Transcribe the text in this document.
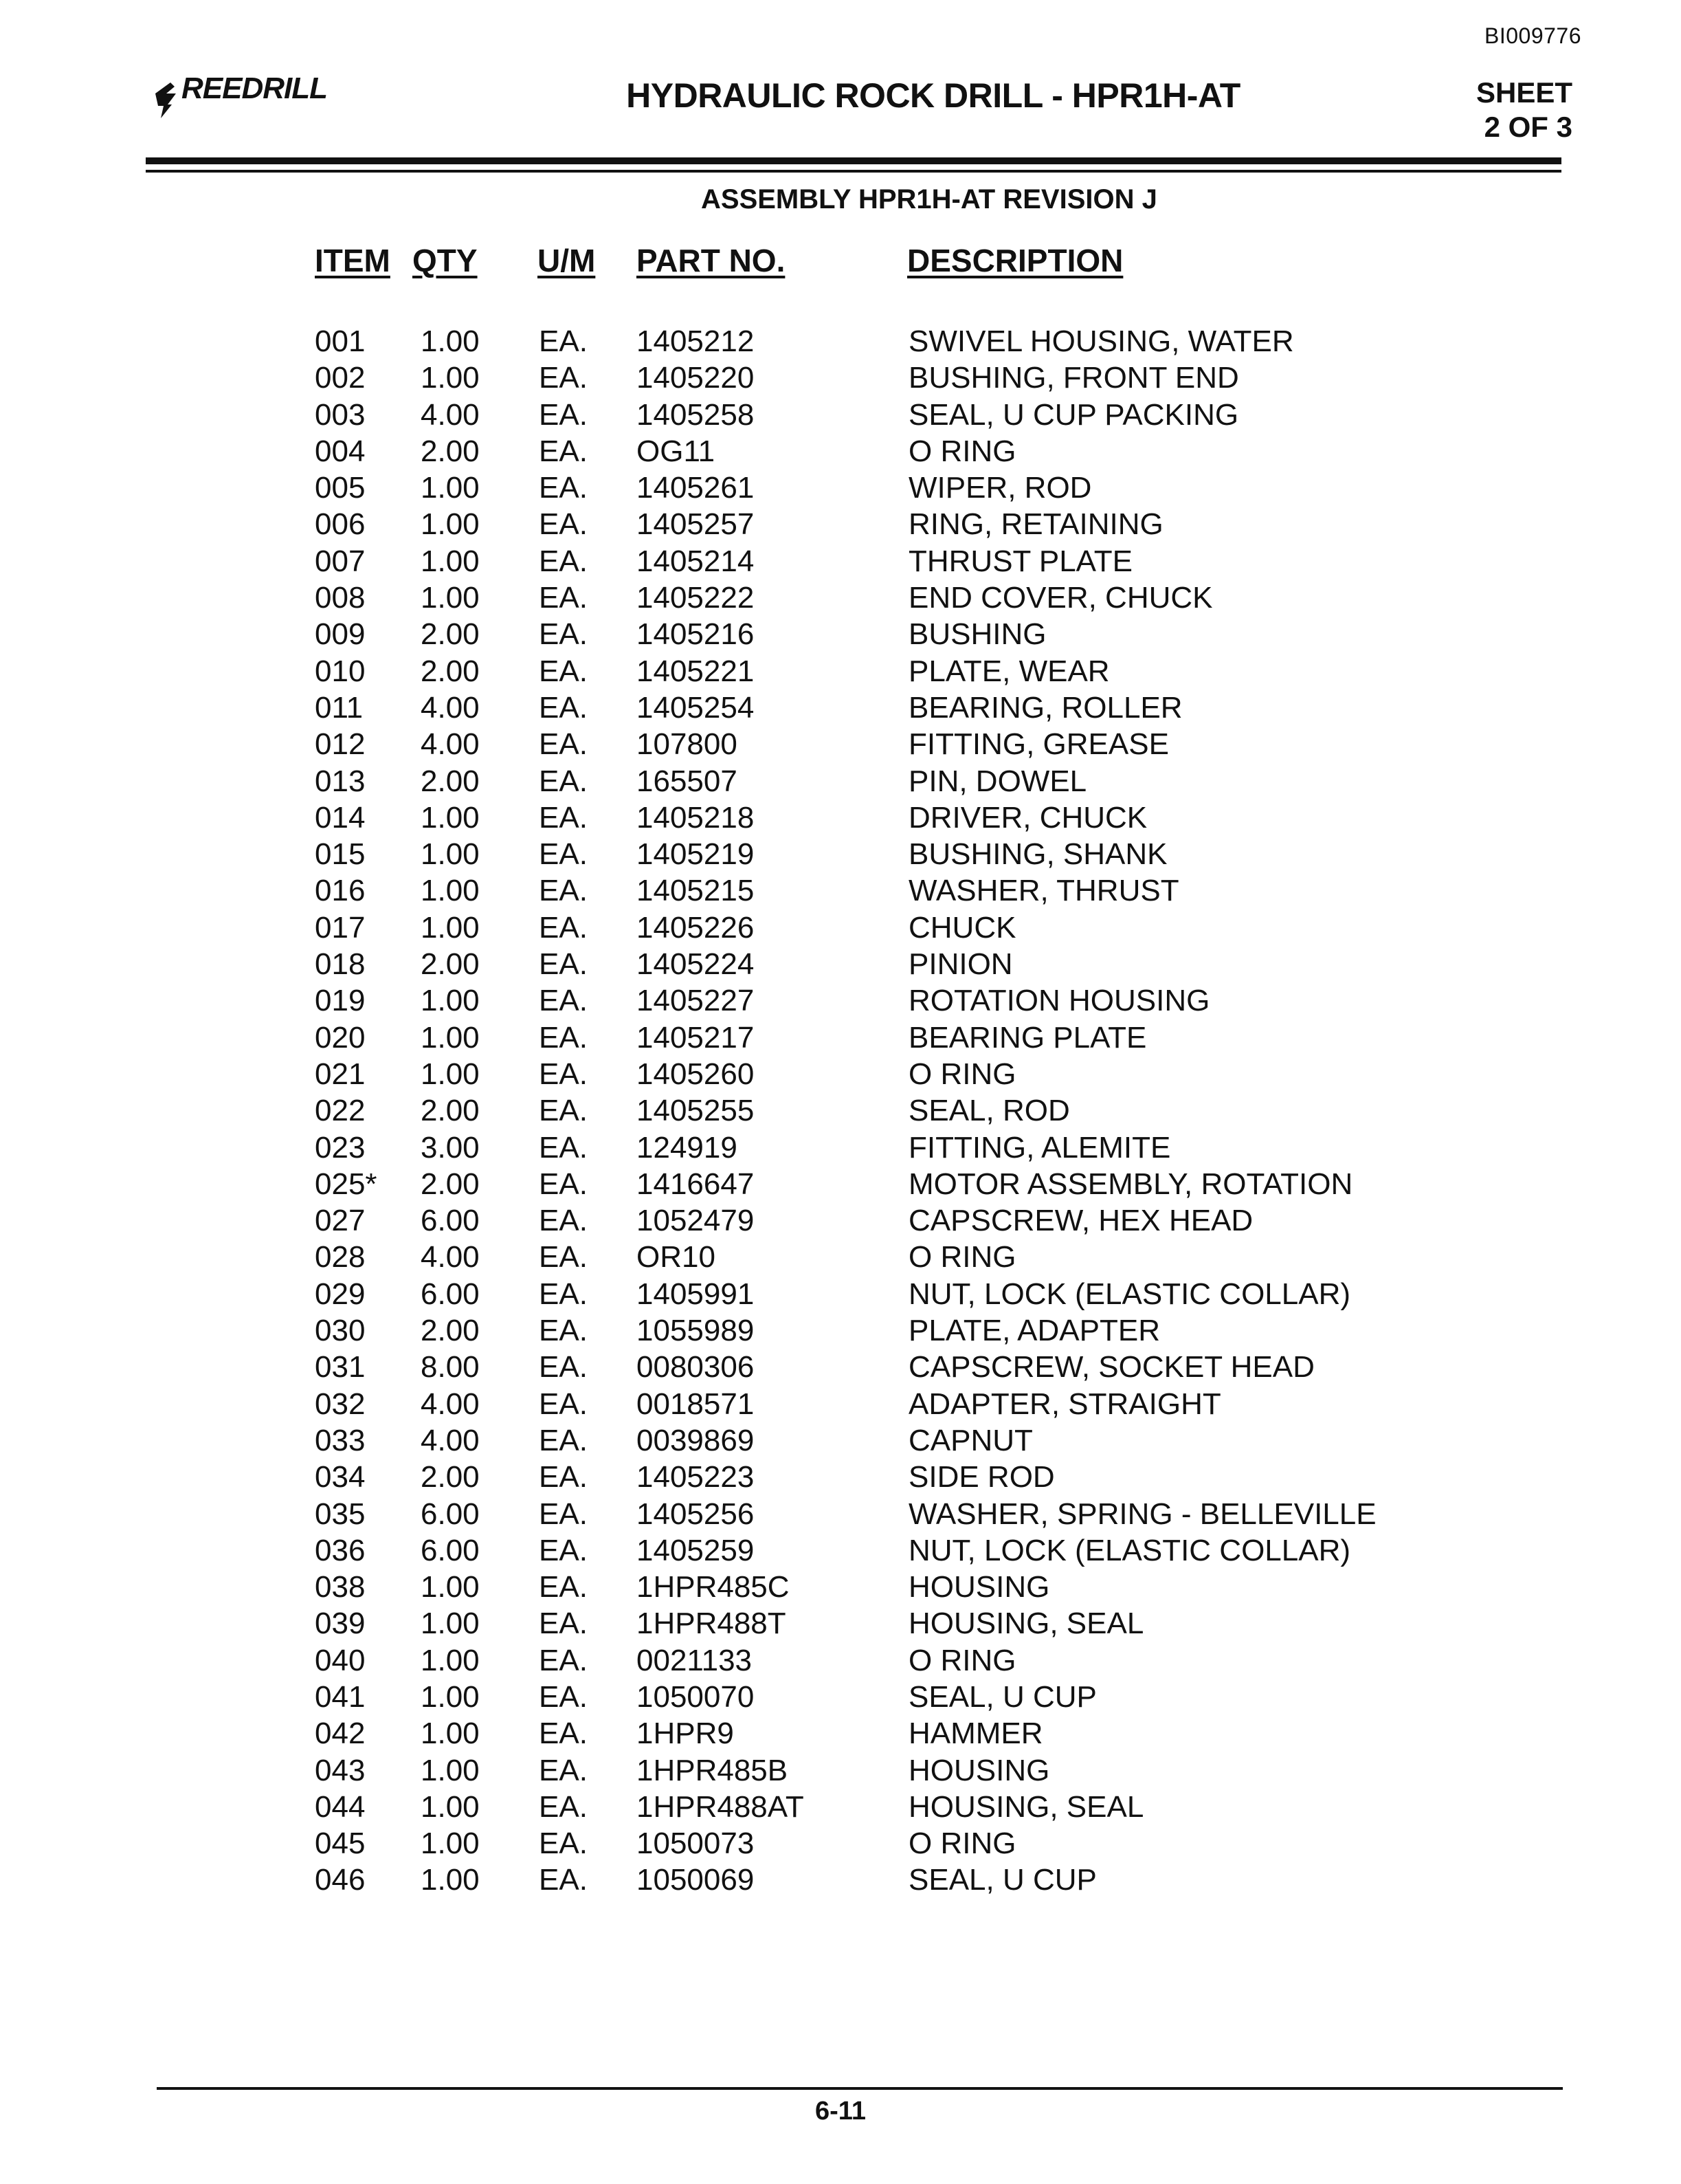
BI009776
REEDRILL	HYDRAULIC ROCK DRILL - HPR1H-AT	SHEET
2 OF 3
ASSEMBLY HPR1H-AT REVISION J
ITEM QTY U/M PART NO.	DESCRIPTION
001 1.00 EA. 1405212	SWIVEL HOUSING, WATER
002 1.00 EA. 1405220	BUSHING, FRONT END
003 4.00 EA. 1405258	SEAL, U CUP PACKING
004 2.00 EA. OG11	O RING
005 1.00 EA. 1405261	WIPER, ROD
006 1.00 EA. 1405257	RING, RETAINING
007 1.00 EA. 1405214	THRUST PLATE
008 1.00 EA. 1405222	END COVER, CHUCK
009 2.00 EA. 1405216	BUSHING
010 2.00 EA. 1405221	PLATE, WEAR
011 4.00 EA. 1405254	BEARING, ROLLER
012 4.00 EA. 107800	FITTING, GREASE
013 2.00 EA. 165507	PIN, DOWEL
014 1.00 EA. 1405218	DRIVER, CHUCK
015 1.00 EA. 1405219	BUSHING, SHANK
016 1.00 EA. 1405215	WASHER, THRUST
017 1.00 EA. 1405226	CHUCK
018 2.00 EA. 1405224	PINION
019 1.00 EA. 1405227	ROTATION HOUSING
020 1.00 EA. 1405217	BEARING PLATE
021 1.00 EA. 1405260	O RING
022 2.00 EA. 1405255	SEAL, ROD
023 3.00 EA. 124919	FITTING, ALEMITE
025* 2.00 EA. 1416647	MOTOR ASSEMBLY, ROTATION
027 6.00 EA. 1052479	CAPSCREW, HEX HEAD
028 4.00 EA. OR10	O RING
029 6.00 EA. 1405991	NUT, LOCK (ELASTIC COLLAR)
030 2.00 EA. 1055989	PLATE, ADAPTER
031 8.00 EA. 0080306	CAPSCREW, SOCKET HEAD
032 4.00 EA. 0018571	ADAPTER, STRAIGHT
033 4.00 EA. 0039869	CAPNUT
034 2.00 EA. 1405223	SIDE ROD
035 6.00 EA. 1405256	WASHER, SPRING - BELLEVILLE
036 6.00 EA. 1405259	NUT, LOCK (ELASTIC COLLAR)
038 1.00 EA. 1HPR485C	HOUSING
039 1.00 EA. 1HPR488T	HOUSING, SEAL
040 1.00 EA. 0021133	O RING
041 1.00 EA. 1050070	SEAL, U CUP
042 1.00 EA. 1HPR9	HAMMER
043 1.00 EA. 1HPR485B	HOUSING
044 1.00 EA. 1HPR488AT	HOUSING, SEAL
045 1.00 EA. 1050073	O RING
046 1.00 EA. 1050069	SEAL, U CUP
6-11
